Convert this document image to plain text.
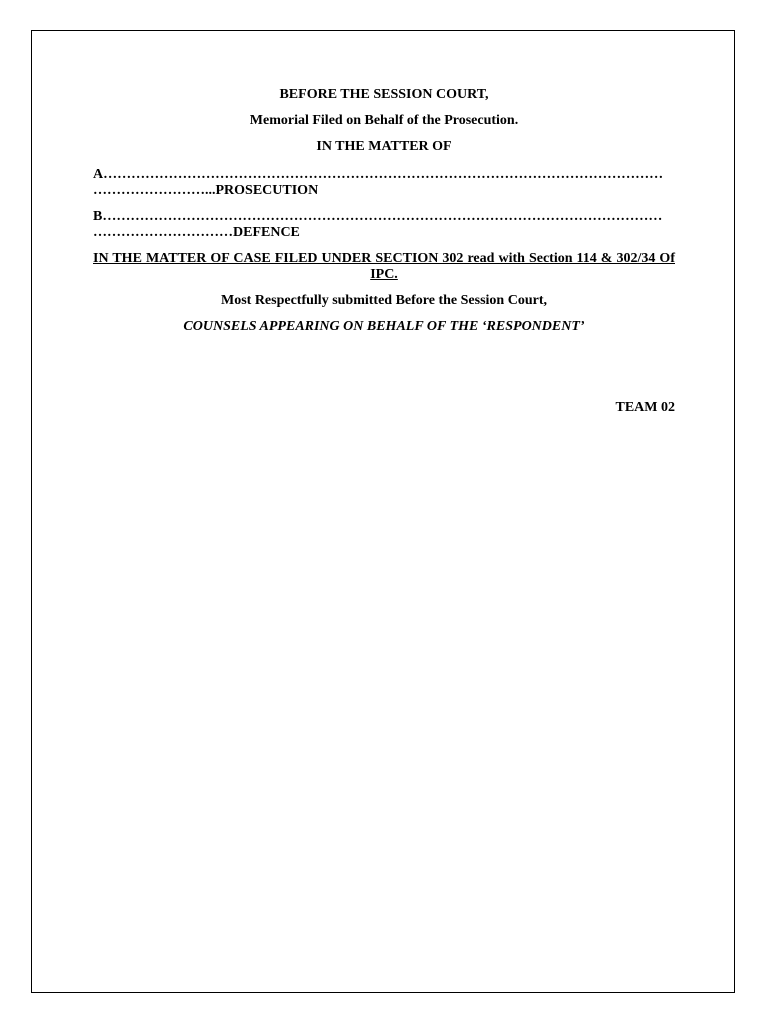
BEFORE THE SESSION COURT,

Memorial Filed on Behalf of the Prosecution.

IN THE MATTER OF

A…………………………………………………………………………………………………………
……………………...PROSECUTION
B…………………………………………………………………………………………………………
…………………………DEFENCE

IN THE MATTER OF CASE FILED UNDER SECTION 302 read with Section 114 & 302/34 Of IPC.

Most Respectfully submitted Before the Session Court,

COUNSELS APPEARING ON BEHALF OF THE ‘RESPONDENT’

TEAM 02
